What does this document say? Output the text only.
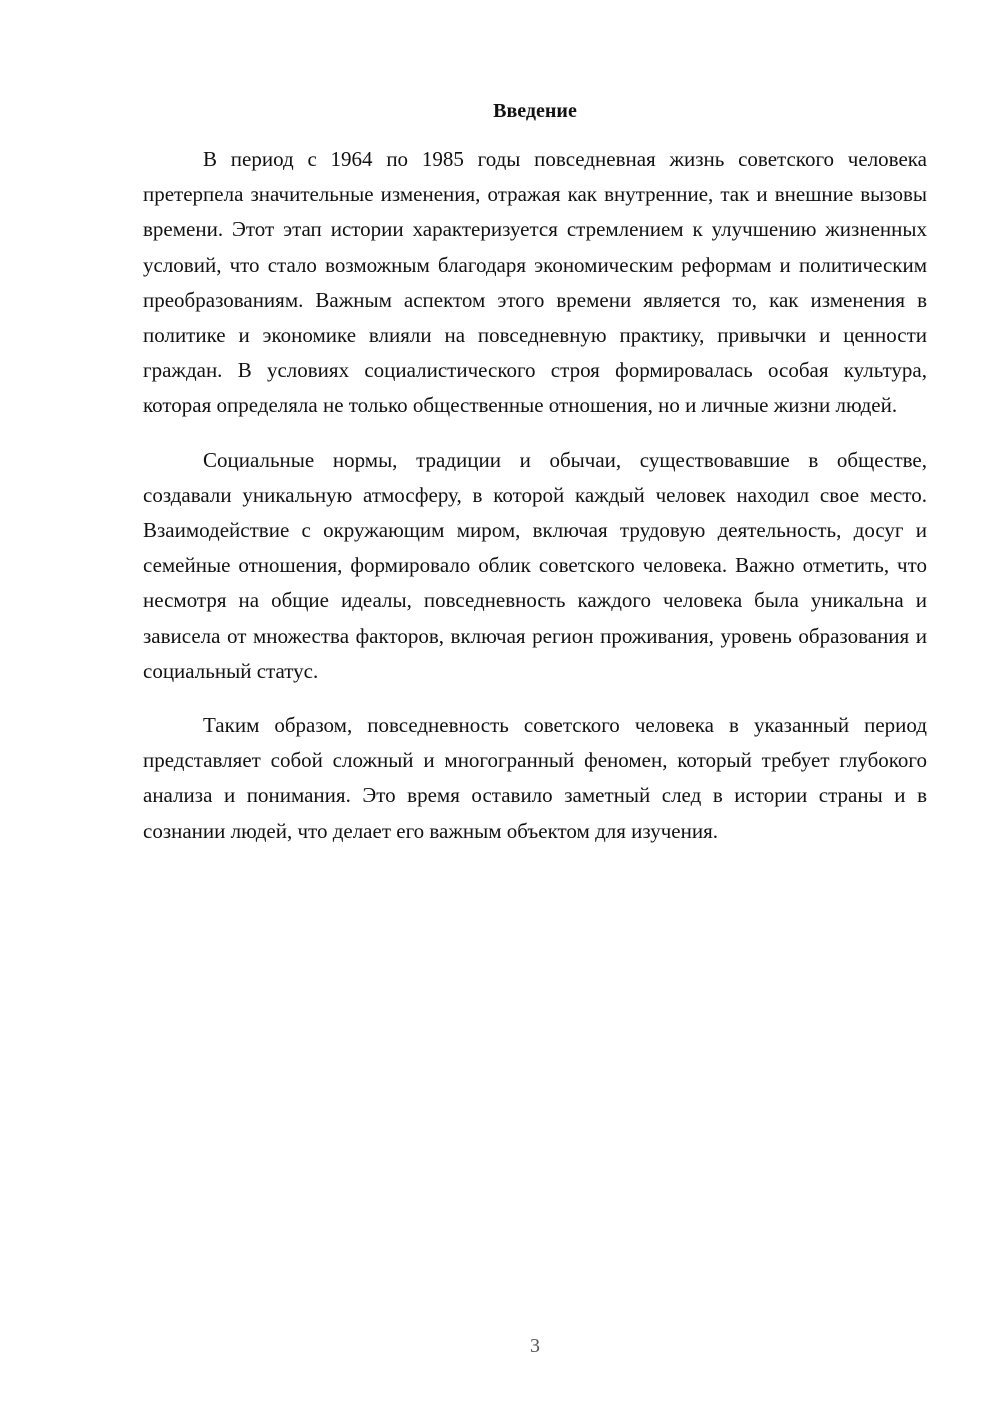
Введение

В период с 1964 по 1985 годы повседневная жизнь советского человека претерпела значительные изменения, отражая как внутренние, так и внешние вызовы времени. Этот этап истории характеризуется стремлением к улучшению жизненных условий, что стало возможным благодаря экономическим реформам и политическим преобразованиям. Важным аспектом этого времени является то, как изменения в политике и экономике влияли на повседневную практику, привычки и ценности граждан. В условиях социалистического строя формировалась особая культура, которая определяла не только общественные отношения, но и личные жизни людей.

Социальные нормы, традиции и обычаи, существовавшие в обществе, создавали уникальную атмосферу, в которой каждый человек находил свое место. Взаимодействие с окружающим миром, включая трудовую деятельность, досуг и семейные отношения, формировало облик советского человека. Важно отметить, что несмотря на общие идеалы, повседневность каждого человека была уникальна и зависела от множества факторов, включая регион проживания, уровень образования и социальный статус.

Таким образом, повседневность советского человека в указанный период представляет собой сложный и многогранный феномен, который требует глубокого анализа и понимания. Это время оставило заметный след в истории страны и в сознании людей, что делает его важным объектом для изучения.

3
